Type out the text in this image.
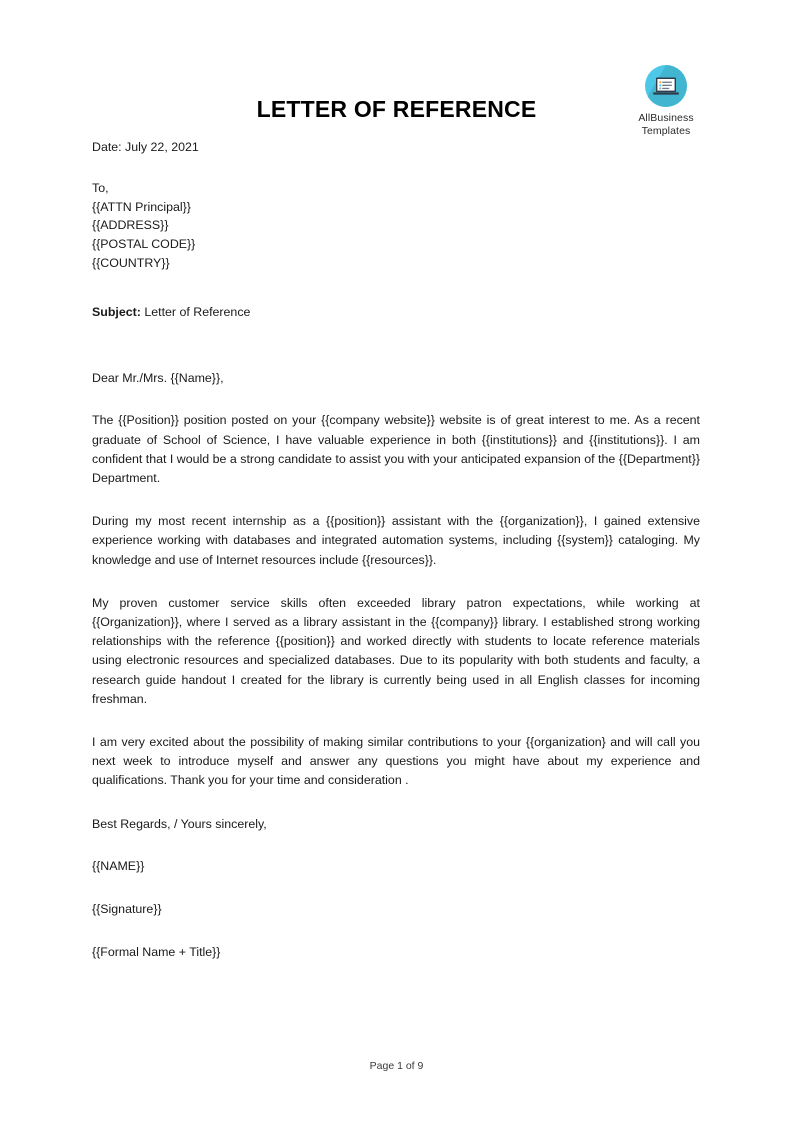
AllBusiness
Templates
LETTER OF REFERENCE
Date: July 22, 2021
To,
{{ATTN Principal}}
{{ADDRESS}}
{{POSTAL CODE}}
{{COUNTRY}}
Subject: Letter of Reference
Dear Mr./Mrs. {{Name}},

The {{Position}} position posted on your {{company website}} website is of great interest to me. As a recent graduate of School of Science, I have valuable experience in both {{institutions}} and {{institutions}}. I am confident that I would be a strong candidate to assist you with your anticipated expansion of the {{Department}} Department.

During my most recent internship as a {{position}} assistant with the {{organization}}, I gained extensive experience working with databases and integrated automation systems, including {{system}} cataloging. My knowledge and use of Internet resources include {{resources}}.

My proven customer service skills often exceeded library patron expectations, while working at {{Organization}}, where I served as a library assistant in the {{company}} library. I established strong working relationships with the reference {{position}} and worked directly with students to locate reference materials using electronic resources and specialized databases. Due to its popularity with both students and faculty, a research guide handout I created for the library is currently being used in all English classes for incoming freshman.

I am very excited about the possibility of making similar contributions to your {{organization} and will call you next week to introduce myself and answer any questions you might have about my experience and qualifications. Thank you for your time and consideration .

Best Regards, / Yours sincerely,
{{NAME}}
{{Signature}}
{{Formal Name + Title}}
Page 1 of 9
